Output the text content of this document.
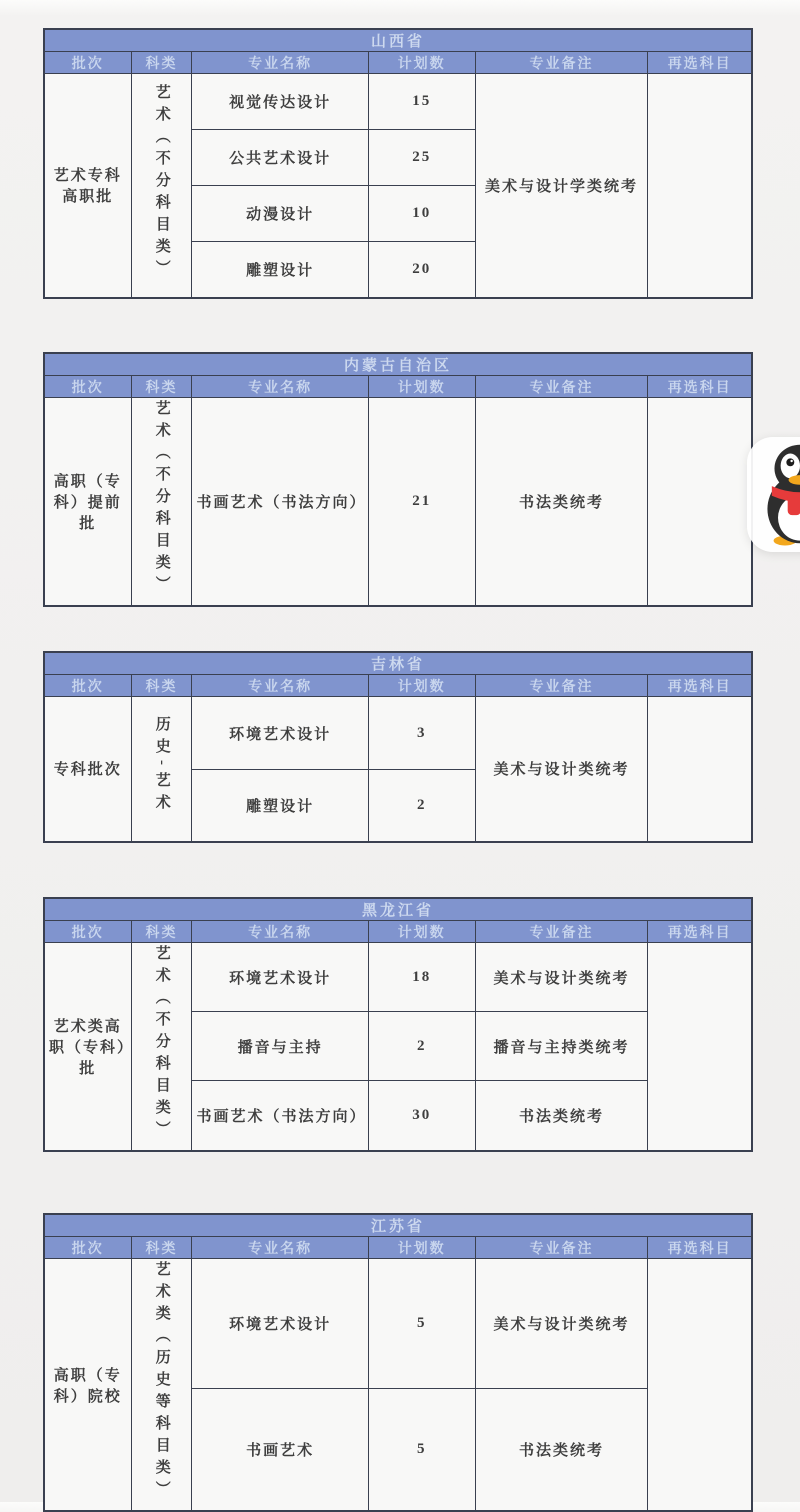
山西省					
批次	科类	专业名称	计划数	专业备注	再选科目
艺术专科高职批	艺术（不分科目类）	视觉传达设计	15	美术与设计学类统考	
		公共艺术设计	25		
		动漫设计	10		
		雕塑设计	20		
内蒙古自治区					
批次	科类	专业名称	计划数	专业备注	再选科目
高职（专科）提前批	艺术（不分科目类）	书画艺术（书法方向）	21	书法类统考	
吉林省					
批次	科类	专业名称	计划数	专业备注	再选科目
专科批次	历史-艺术	环境艺术设计	3	美术与设计类统考	
		雕塑设计	2		
黑龙江省					
批次	科类	专业名称	计划数	专业备注	再选科目
艺术类高职（专科）批	艺术（不分科目类）	环境艺术设计	18	美术与设计类统考	
		播音与主持	2	播音与主持类统考	
		书画艺术（书法方向）	30	书法类统考	
江苏省					
批次	科类	专业名称	计划数	专业备注	再选科目
高职（专科）院校	艺术类（历史等科目类）	环境艺术设计	5	美术与设计类统考	
		书画艺术	5	书法类统考	
